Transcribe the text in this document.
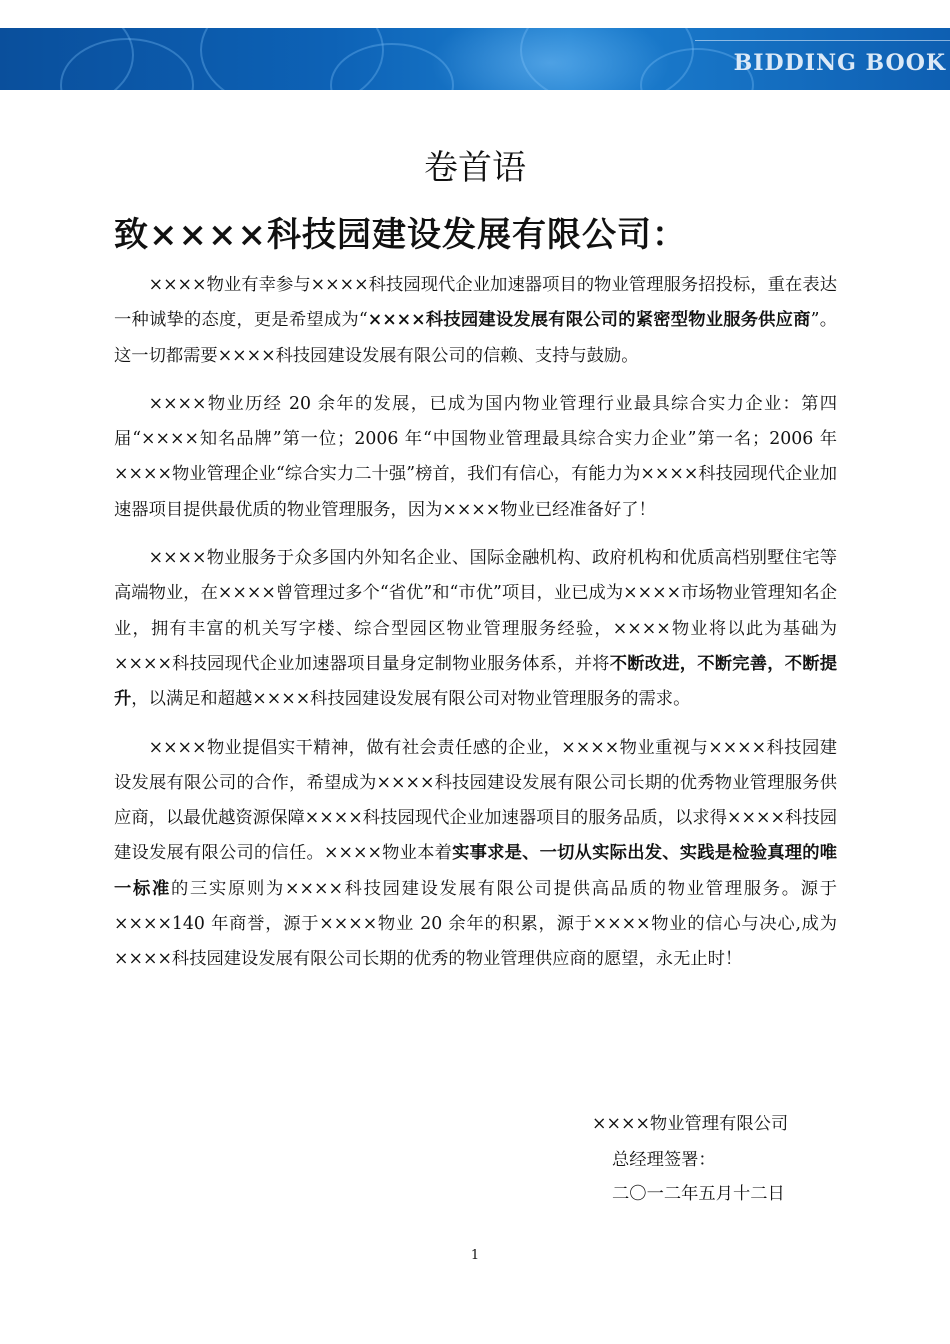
BIDDING BOOK
卷首语
致××××科技园建设发展有限公司：

××××物业有幸参与××××科技园现代企业加速器项目的物业管理服务招投标，重在表达一种诚挚的态度，更是希望成为“××××科技园建设发展有限公司的紧密型物业服务供应商”。这一切都需要××××科技园建设发展有限公司的信赖、支持与鼓励。

××××物业历经 20 余年的发展，已成为国内物业管理行业最具综合实力企业：第四届“××××知名品牌”第一位；2006 年“中国物业管理最具综合实力企业”第一名；2006 年××××物业管理企业“综合实力二十强”榜首，我们有信心，有能力为××××科技园现代企业加速器项目提供最优质的物业管理服务，因为××××物业已经准备好了！

××××物业服务于众多国内外知名企业、国际金融机构、政府机构和优质高档别墅住宅等高端物业，在××××曾管理过多个“省优”和“市优”项目，业已成为××××市场物业管理知名企业，拥有丰富的机关写字楼、综合型园区物业管理服务经验，××××物业将以此为基础为××××科技园现代企业加速器项目量身定制物业服务体系，并将不断改进，不断完善，不断提升，以满足和超越××××科技园建设发展有限公司对物业管理服务的需求。

××××物业提倡实干精神，做有社会责任感的企业，××××物业重视与××××科技园建设发展有限公司的合作，希望成为××××科技园建设发展有限公司长期的优秀物业管理服务供应商，以最优越资源保障××××科技园现代企业加速器项目的服务品质，以求得××××科技园建设发展有限公司的信任。××××物业本着实事求是、一切从实际出发、实践是检验真理的唯一标准的三实原则为××××科技园建设发展有限公司提供高品质的物业管理服务。源于××××140 年商誉，源于××××物业 20 余年的积累，源于××××物业的信心与决心,成为××××科技园建设发展有限公司长期的优秀的物业管理供应商的愿望，永无止时！

××××物业管理有限公司
总经理签署：
二〇一二年五月十二日
1
